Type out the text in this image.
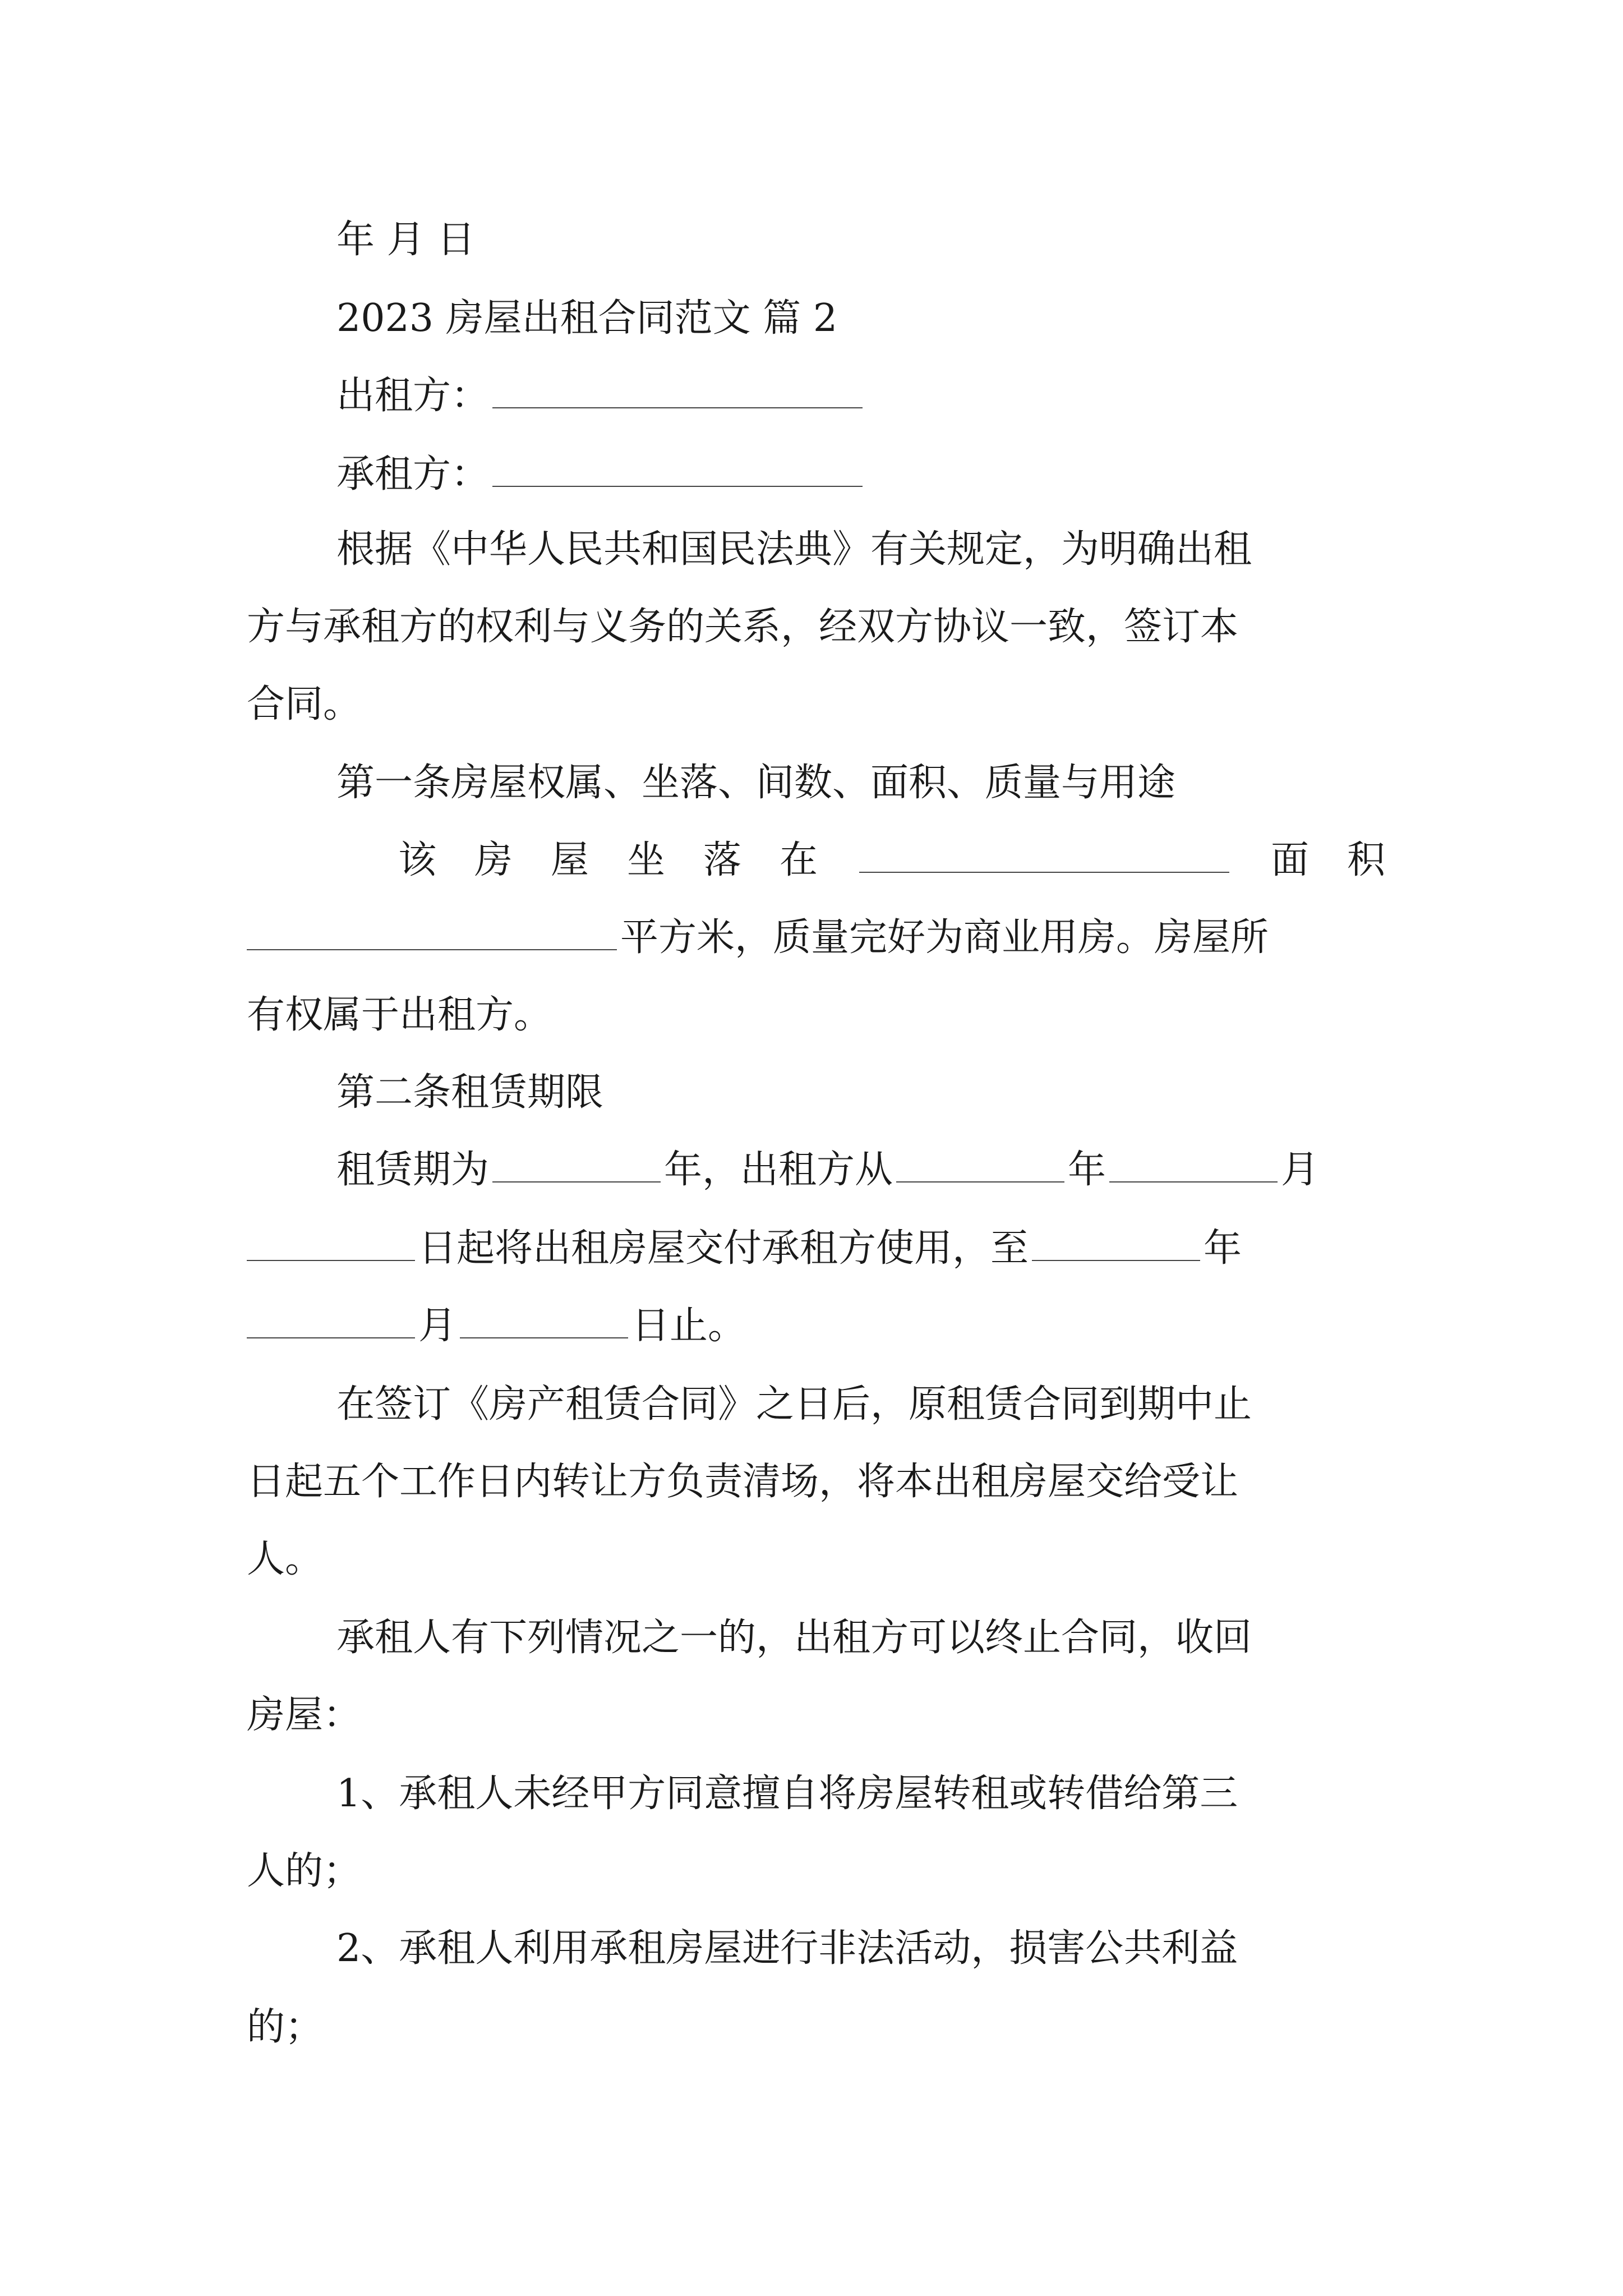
年 月 日
2023 房屋出租合同范文 篇 2
出租方：
承租方：
根据《中华人民共和国民法典》有关规定，为明确出租
方与承租方的权利与义务的关系，经双方协议一致，签订本
合同。
第一条房屋权属、坐落、间数、面积、质量与用途
该 房 屋 坐 落 在	面 积
平方米，质量完好为商业用房。房屋所
有权属于出租方。
第二条租赁期限
租赁期为	年，出租方从	年	月
日起将出租房屋交付承租方使用，至	年
月	日止。
在签订《房产租赁合同》之日后，原租赁合同到期中止
日起五个工作日内转让方负责清场，将本出租房屋交给受让
人。
承租人有下列情况之一的，出租方可以终止合同，收回
房屋：
1、承租人未经甲方同意擅自将房屋转租或转借给第三
人的；
2、承租人利用承租房屋进行非法活动，损害公共利益
的；
